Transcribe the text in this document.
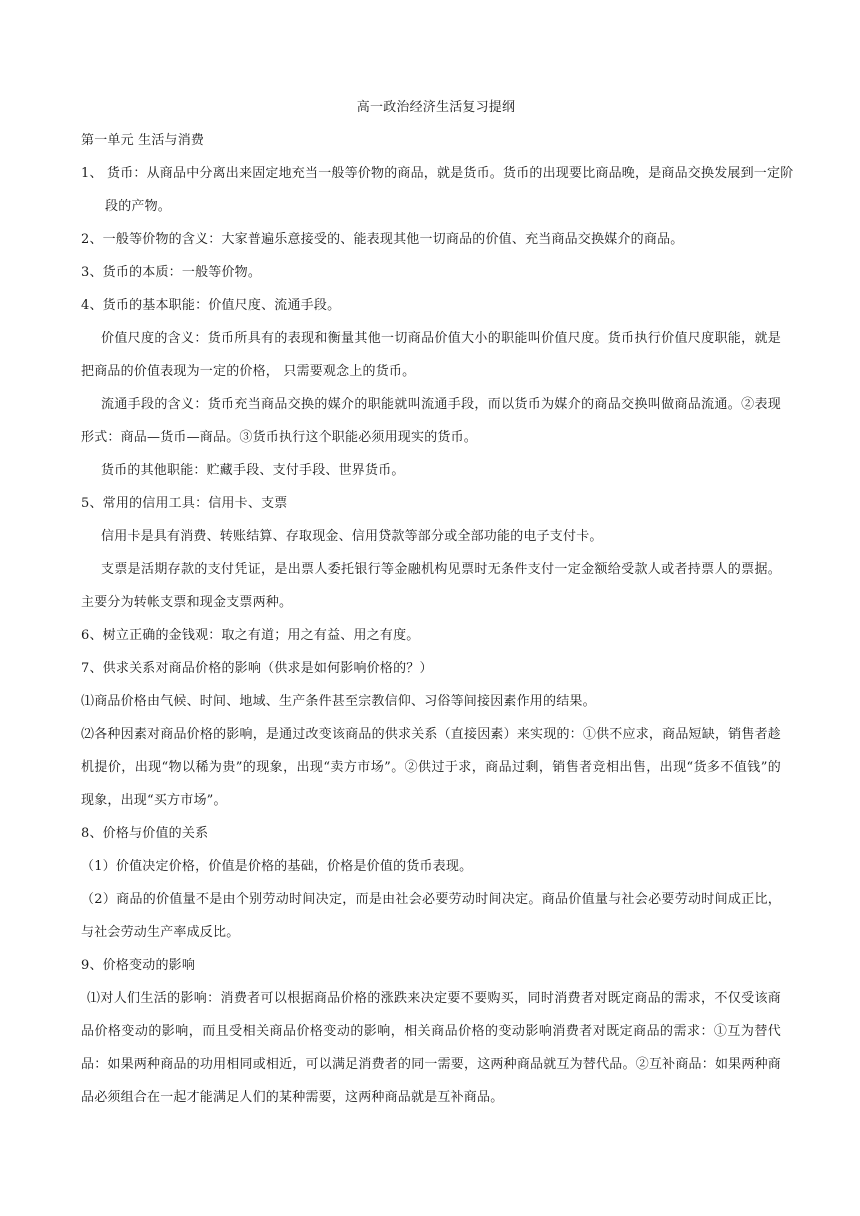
高一政治经济生活复习提纲

第一单元 生活与消费

1、 货币：从商品中分离出来固定地充当一般等价物的商品，就是货币。货币的出现要比商品晚，是商品交换发展到一定阶

段的产物。

2、一般等价物的含义：大家普遍乐意接受的、能表现其他一切商品的价值、充当商品交换媒介的商品。

3、货币的本质：一般等价物。

4、货币的基本职能：价值尺度、流通手段。

价值尺度的含义：货币所具有的表现和衡量其他一切商品价值大小的职能叫价值尺度。货币执行价值尺度职能，就是把商品的价值表现为一定的价格， 只需要观念上的货币。

流通手段的含义：货币充当商品交换的媒介的职能就叫流通手段，而以货币为媒介的商品交换叫做商品流通。②表现形式：商品—货币—商品。③货币执行这个职能必须用现实的货币。

货币的其他职能：贮藏手段、支付手段、世界货币。

5、常用的信用工具：信用卡、支票

信用卡是具有消费、转账结算、存取现金、信用贷款等部分或全部功能的电子支付卡。

支票是活期存款的支付凭证，是出票人委托银行等金融机构见票时无条件支付一定金额给受款人或者持票人的票据。主要分为转帐支票和现金支票两种。

6、树立正确的金钱观：取之有道；用之有益、用之有度。

7、供求关系对商品价格的影响（供求是如何影响价格的？）

⑴商品价格由气候、时间、地域、生产条件甚至宗教信仰、习俗等间接因素作用的结果。

⑵各种因素对商品价格的影响，是通过改变该商品的供求关系（直接因素）来实现的：①供不应求，商品短缺，销售者趁机提价，出现“物以稀为贵”的现象，出现“卖方市场”。②供过于求，商品过剩，销售者竞相出售，出现“货多不值钱”的现象，出现“买方市场”。

8、价格与价值的关系

（1）价值决定价格，价值是价格的基础，价格是价值的货币表现。

（2）商品的价值量不是由个别劳动时间决定，而是由社会必要劳动时间决定。商品价值量与社会必要劳动时间成正比，与社会劳动生产率成反比。

9、价格变动的影响

⑴对人们生活的影响：消费者可以根据商品价格的涨跌来决定要不要购买，同时消费者对既定商品的需求，不仅受该商品价格变动的影响，而且受相关商品价格变动的影响，相关商品价格的变动影响消费者对既定商品的需求：①互为替代品：如果两种商品的功用相同或相近，可以满足消费者的同一需要，这两种商品就互为替代品。②互补商品：如果两种商品必须组合在一起才能满足人们的某种需要，这两种商品就是互补商品。
